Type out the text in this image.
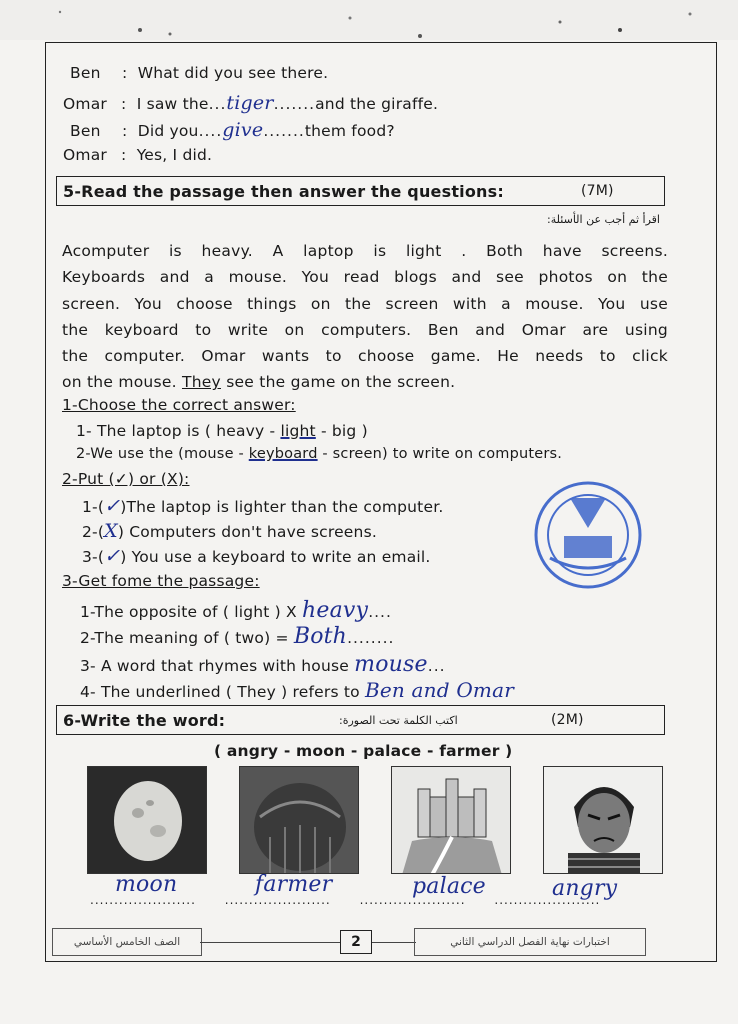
Ben :  What did you see there.
Omar :  I saw the...tiger.......and the giraffe.
Ben :  Did you....give.......them food?
Omar :  Yes, I did.
5-Read the passage then answer the questions:	(7M)
اقرأ ثم أجب عن الأسئلة:
Acomputer is heavy. A laptop is light . Both have screens.
Keyboards and a mouse. You read blogs and see photos on the
screen. You choose things on the screen with a mouse. You use
the keyboard to write on computers. Ben and Omar are using
the computer. Omar wants to choose game. He needs to click
on the mouse. They see the game on the screen.
1-Choose the correct answer:
1- The laptop is ( heavy - light - big )
2-We use the (mouse - keyboard - screen) to write on computers.
2-Put (✓) or (X):
1-(✓)The laptop is lighter than the computer.
2-(X) Computers don't have screens.
3-(✓) You use a keyboard to write an email.
3-Get fome the passage:
1-The opposite of ( light ) X heavy....
2-The meaning of ( two) = Both........
3- A word that rhymes with house mouse...
4- The underlined ( They ) refers to Ben and Omar
6-Write the word:	اكتب الكلمة تحت الصورة:	(2M)
( angry - moon - palace - farmer )
moon	farmer	palace	angry
......................      ......................      ......................      ......................
الصف الخامس الأساسي	2	اختبارات نهاية الفصل الدراسي الثاني
